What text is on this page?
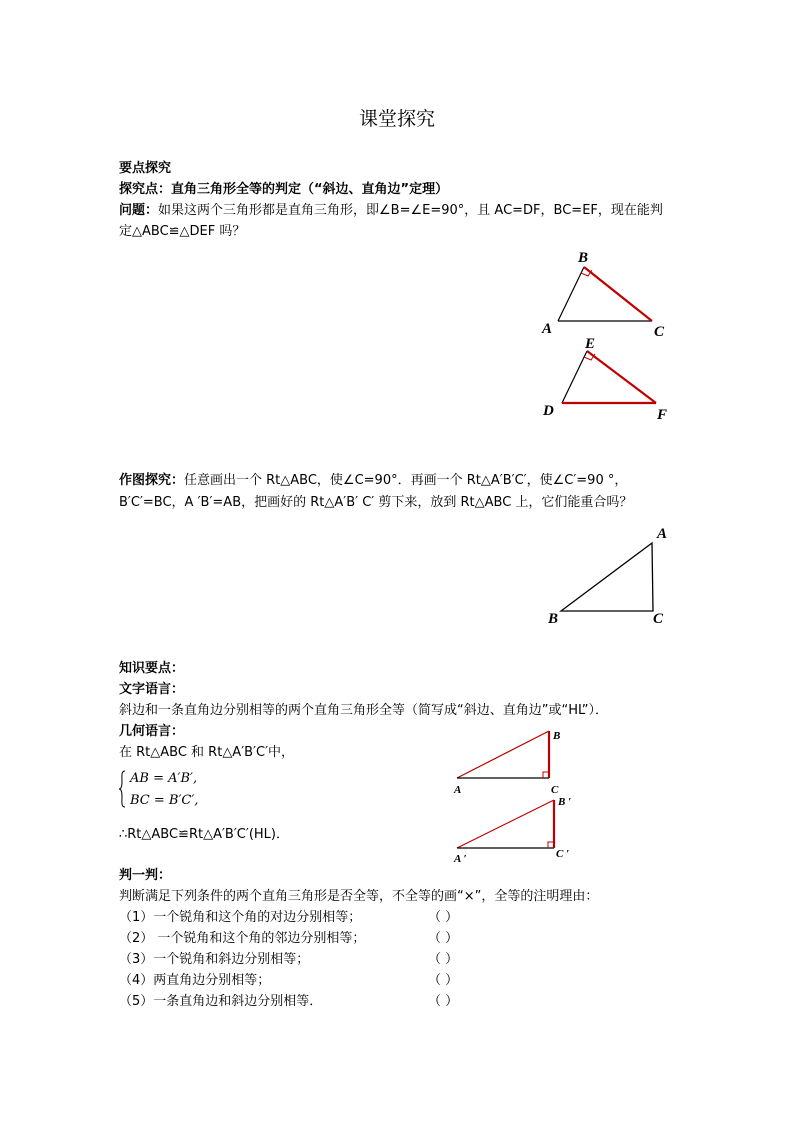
课堂探究
要点探究
探究点：直角三角形全等的判定（“斜边、直角边”定理）
问题：如果这两个三角形都是直角三角形，即∠B=∠E=90°，且 AC=DF，BC=EF，现在能判
定△ABC≌△DEF 吗？
B
A	C
E
D	F
作图探究：任意画出一个 Rt△ABC，使∠C=90°．再画一个 Rt△A′B′C′，使∠C′=90 °，
B′C′=BC，A ′B′=AB，把画好的 Rt△A′B′ C′ 剪下来，放到 Rt△ABC 上，它们能重合吗？
A
B	C
知识要点：
文字语言：
斜边和一条直角边分别相等的两个直角三角形全等（简写成“斜边、直角边”或“HL”）．
几何语言：
在 Rt△ABC 和 Rt△A′B′C′中，
AB = A′B′,
BC = B′C′,
∴Rt△ABC≌Rt△A′B′C′(HL)．
A
B
C
A ′
B ′
C ′
判一判：
判断满足下列条件的两个直角三角形是否全等，不全等的画“×”，全等的注明理由：
（1）一个锐角和这个角的对边分别相等；	（ ）
（2） 一个锐角和这个角的邻边分别相等；	（ ）
（3）一个锐角和斜边分别相等；	（ ）
（4）两直角边分别相等；	（ ）
（5）一条直角边和斜边分别相等．	（ ）
